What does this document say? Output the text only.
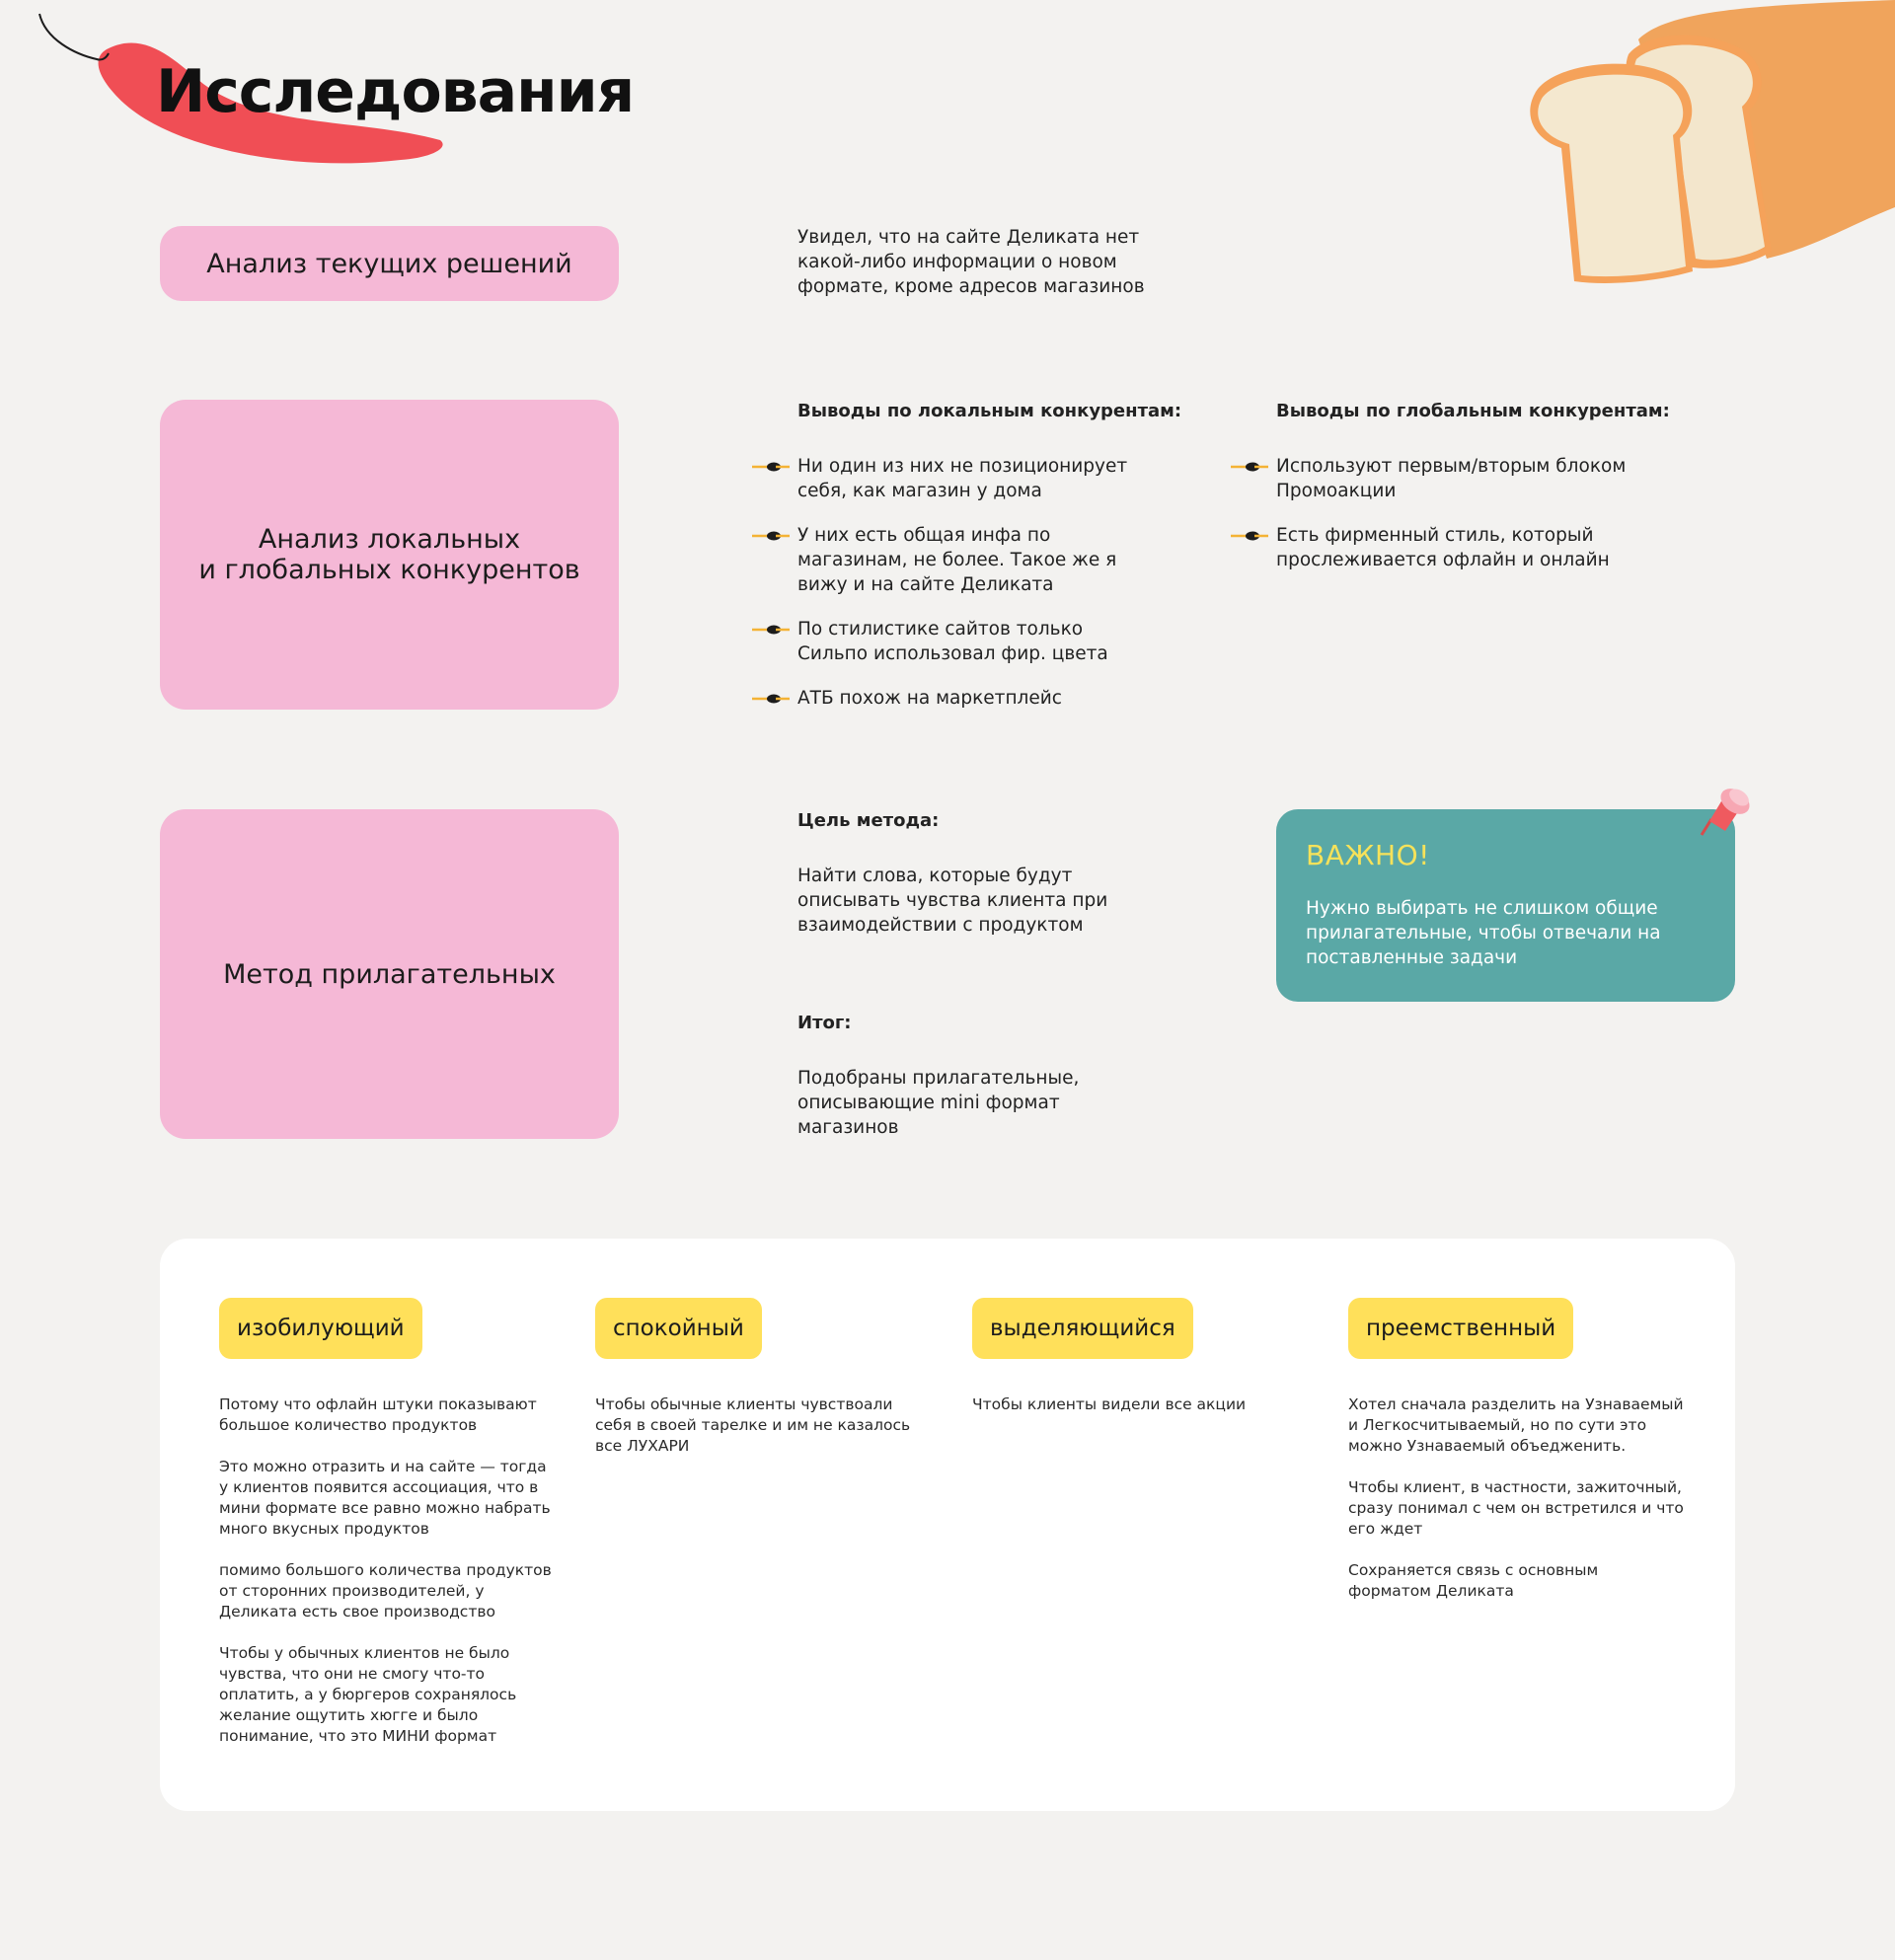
Исследования
Анализ текущих решений
Увидел, что на сайте Деликата нет какой-либо информации о новом формате, кроме адресов магазинов
Анализ локальных
и глобальных конкурентов
Выводы по локальным конкурентам:
Ни один из них не позиционирует себя, как магазин у дома
У них есть общая инфа по магазинам, не более. Такое же я вижу и на сайте Деликата
По стилистике сайтов только Сильпо использовал фир. цвета
АТБ похож на маркетплейс
Выводы по глобальным конкурентам:
Используют первым/вторым блоком Промоакции
Есть фирменный стиль, который прослеживается офлайн и онлайн
Метод прилагательных
Цель метода:
Найти слова, которые будут описывать чувства клиента при взаимодействии с продуктом
Итог:
Подобраны прилагательные, описывающие mini формат магазинов
ВАЖНО!
Нужно выбирать не слишком общие прилагательные, чтобы отвечали на поставленные задачи
изобилующий

Потому что офлайн штуки показывают большое количество продуктов

Это можно отразить и на сайте — тогда у клиентов появится ассоциация, что в мини формате все равно можно набрать много вкусных продуктов

помимо большого количества продуктов от сторонних производителей, у Деликата есть свое производство

Чтобы у обычных клиентов не было чувства, что они не смогу что-то оплатить, а у бюргеров сохранялось желание ощутить хюгге и было понимание, что это МИНИ формат

спокойный

Чтобы обычные клиенты чувствоали себя в своей тарелке и им не казалось все ЛУХАРИ

выделяющийся

Чтобы клиенты видели все акции

преемственный

Хотел сначала разделить на Узнаваемый и Легкосчитываемый, но по сути это можно Узнаваемый объедженить.

Чтобы клиент, в частности, зажиточный, сразу понимал с чем он встретился и что его ждет

Сохраняется связь с основным форматом Деликата
